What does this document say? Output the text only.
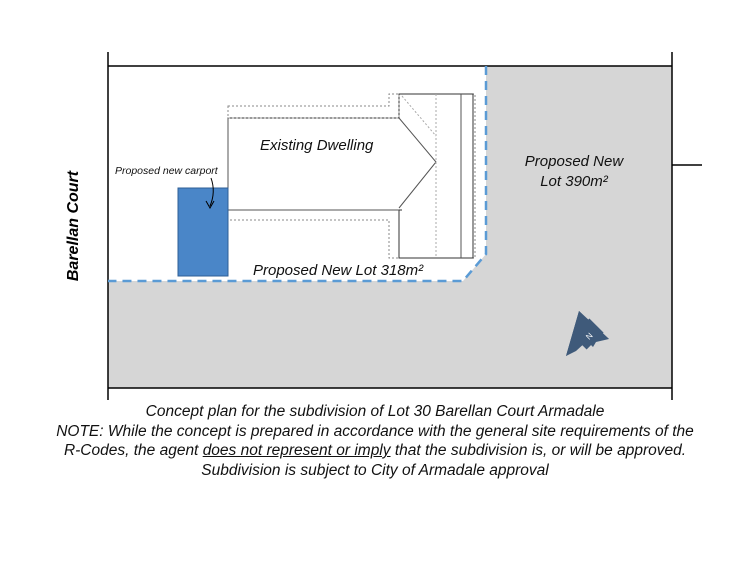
N
Existing Dwelling
Proposed new carport
Proposed New Lot 318m²
Proposed New
Lot 390m²
Barellan Court
Concept plan for the subdivision of Lot 30 Barellan Court Armadale
NOTE: While the concept is prepared in accordance with the general site requirements of the
R-Codes, the agent does not represent or imply that the subdivision is, or will be approved.
Subdivision is subject to City of Armadale approval
